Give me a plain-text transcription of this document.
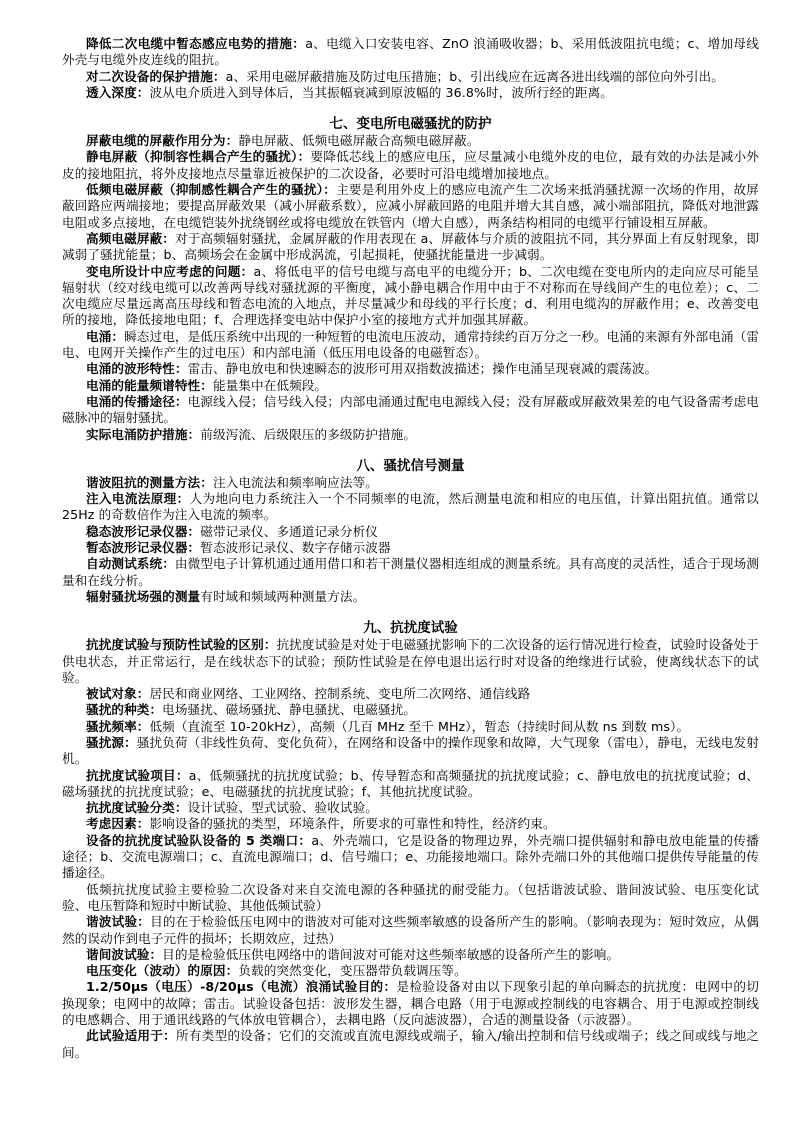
降低二次电缆中暂态感应电势的措施：a、电缆入口安装电容、ZnO 浪涌吸收器；b、采用低波阻抗电缆；c、增加母线外壳与电缆外皮连线的阻抗。

对二次设备的保护措施：a、采用电磁屏蔽措施及防过电压措施；b、引出线应在远离各进出线端的部位向外引出。

透入深度：波从电介质进入到导体后，当其振幅衰减到原波幅的 36.8%时，波所行经的距离。

七、变电所电磁骚扰的防护

屏蔽电缆的屏蔽作用分为：静电屏蔽、低频电磁屏蔽合高频电磁屏蔽。

静电屏蔽（抑制容性耦合产生的骚扰）：要降低芯线上的感应电压，应尽量减小电缆外皮的电位，最有效的办法是减小外皮的接地阻抗，将外皮接地点尽量靠近被保护的二次设备，必要时可沿电缆增加接地点。

低频电磁屏蔽（抑制感性耦合产生的骚扰）：主要是利用外皮上的感应电流产生二次场来抵消骚扰源一次场的作用，故屏蔽回路应两端接地；要提高屏蔽效果（减小屏蔽系数），应减小屏蔽回路的电阻并增大其自感，减小端部阻抗，降低对地泄露电阻或多点接地，在电缆铠装外扰绕钢丝或将电缆放在铁管内（增大自感），两条结构相同的电缆平行铺设相互屏蔽。

高频电磁屏蔽：对于高频辐射骚扰，金属屏蔽的作用表现在 a、屏蔽体与介质的波阻抗不同，其分界面上有反射现象，即减弱了骚扰能量；b、高频场会在金属中形成涡流，引起损耗，使骚扰能量进一步减弱。

变电所设计中应考虑的问题：a、将低电平的信号电缆与高电平的电缆分开；b、二次电缆在变电所内的走向应尽可能呈辐射状（绞对线电缆可以改善两导线对骚扰源的平衡度，减小静电耦合作用中由于不对称而在导线间产生的电位差）；c、二次电缆应尽量远离高压母线和暂态电流的入地点，并尽量减少和母线的平行长度；d、利用电缆沟的屏蔽作用；e、改善变电所的接地，降低接地电阻；f、合理选择变电站中保护小室的接地方式并加强其屏蔽。

电涌：瞬态过电，是低压系统中出现的一种短暂的电流电压波动，通常持续约百万分之一秒。电涌的来源有外部电涌（雷电、电网开关操作产生的过电压）和内部电涌（低压用电设备的电磁暂态）。

电涌的波形特性：雷击、静电放电和快速瞬态的波形可用双指数波描述；操作电涌呈现衰减的震荡波。

电涌的能量频谱特性：能量集中在低频段。

电涌的传播途径：电源线入侵；信号线入侵；内部电涌通过配电电源线入侵；没有屏蔽或屏蔽效果差的电气设备需考虑电磁脉冲的辐射骚扰。

实际电涌防护措施：前级泻流、后级限压的多级防护措施。

八、骚扰信号测量

谐波阻抗的测量方法：注入电流法和频率响应法等。

注入电流法原理：人为地向电力系统注入一个不同频率的电流，然后测量电流和相应的电压值，计算出阻抗值。通常以 25Hz 的奇数倍作为注入电流的频率。

稳态波形记录仪器：磁带记录仪、多通道记录分析仪

暂态波形记录仪器：暂态波形记录仪、数字存储示波器

自动测试系统：由微型电子计算机通过通用借口和若干测量仪器相连组成的测量系统。具有高度的灵活性，适合于现场测量和在线分析。

辐射骚扰场强的测量有时域和频域两种测量方法。

九、抗扰度试验

抗扰度试验与预防性试验的区别：抗扰度试验是对处于电磁骚扰影响下的二次设备的运行情况进行检查，试验时设备处于供电状态，并正常运行，是在线状态下的试验；预防性试验是在停电退出运行时对设备的绝缘进行试验，使离线状态下的试验。

被试对象：居民和商业网络、工业网络、控制系统、变电所二次网络、通信线路

骚扰的种类：电场骚扰、磁场骚扰、静电骚扰、电磁骚扰。

骚扰频率：低频（直流至 10-20kHz），高频（几百 MHz 至千 MHz），暂态（持续时间从数 ns 到数 ms）。

骚扰源：骚扰负荷（非线性负荷、变化负荷），在网络和设备中的操作现象和故障，大气现象（雷电），静电，无线电发射机。

抗扰度试验项目：a、低频骚扰的抗扰度试验；b、传导暂态和高频骚扰的抗扰度试验；c、静电放电的抗扰度试验；d、磁场骚扰的抗扰度试验；e、电磁骚扰的抗扰度试验；f、其他抗扰度试验。

抗扰度试验分类：设计试验、型式试验、验收试验。

考虑因素：影响设备的骚扰的类型，环境条件，所要求的可靠性和特性，经济约束。

设备的抗扰度试验队设备的 5 类端口：a、外壳端口，它是设备的物理边界，外壳端口提供辐射和静电放电能量的传播途径；b、交流电源端口；c、直流电源端口；d、信号端口；e、功能接地端口。除外壳端口外的其他端口提供传导能量的传播途径。

低频抗扰度试验主要检验二次设备对来自交流电源的各种骚扰的耐受能力。（包括谐波试验、谐间波试验、电压变化试验、电压暂降和短时中断试验、其他低频试验）

谐波试验：目的在于检验低压电网中的谐波对可能对这些频率敏感的设备所产生的影响。（影响表现为：短时效应，从偶然的误动作到电子元件的损坏；长期效应，过热）

谐间波试验：目的是检验低压供电网络中的谐间波对可能对这些频率敏感的设备所产生的影响。

电压变化（波动）的原因：负载的突然变化，变压器带负载调压等。

1.2/50μs（电压）-8/20μs（电流）浪涌试验目的：是检验设备对由以下现象引起的单向瞬态的抗扰度：电网中的切换现象；电网中的故障；雷击。试验设备包括：波形发生器，耦合电路（用于电源或控制线的电容耦合、用于电源或控制线的电感耦合、用于通讯线路的气体放电管耦合），去耦电路（反向滤波器），合适的测量设备（示波器）。

此试验适用于：所有类型的设备；它们的交流或直流电源线或端子，输入/输出控制和信号线或端子；线之间或线与地之间。
